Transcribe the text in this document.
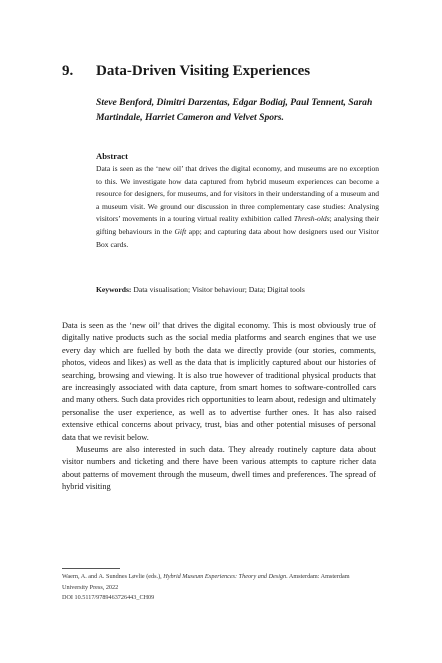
9.	Data-Driven Visiting Experiences
Steve Benford, Dimitri Darzentas, Edgar Bodiaj, Paul Tennent, Sarah Martindale, Harriet Cameron and Velvet Spors.
Abstract
Data is seen as the ‘new oil’ that drives the digital economy, and museums are no exception to this. We investigate how data captured from hybrid museum experiences can become a resource for designers, for museums, and for visitors in their understanding of a museum and a museum visit. We ground our discussion in three complementary case studies: Analysing visitors’ movements in a touring virtual reality exhibition called Thresh-olds; analysing their gifting behaviours in the Gift app; and capturing data about how designers used our Visitor Box cards.
Keywords: Data visualisation; Visitor behaviour; Data; Digital tools

Data is seen as the ‘new oil’ that drives the digital economy. This is most obviously true of digitally native products such as the social media platforms and search engines that we use every day which are fuelled by both the data we directly provide (our stories, comments, photos, videos and likes) as well as the data that is implicitly captured about our histories of searching, browsing and viewing. It is also true however of traditional physical products that are increasingly associated with data capture, from smart homes to software-controlled cars and many others. Such data provides rich opportunities to learn about, redesign and ultimately personalise the user experience, as well as to advertise further ones. It has also raised extensive ethical concerns about privacy, trust, bias and other potential misuses of personal data that we revisit below.

Museums are also interested in such data. They already routinely capture data about visitor numbers and ticketing and there have been various attempts to capture richer data about patterns of movement through the museum, dwell times and preferences. The spread of hybrid visiting

Waern, A. and A. Sundnes Løvlie (eds.), Hybrid Museum Experiences: Theory and Design. Amsterdam: Amsterdam University Press, 2022
DOI 10.5117/9789463726443_CH09
